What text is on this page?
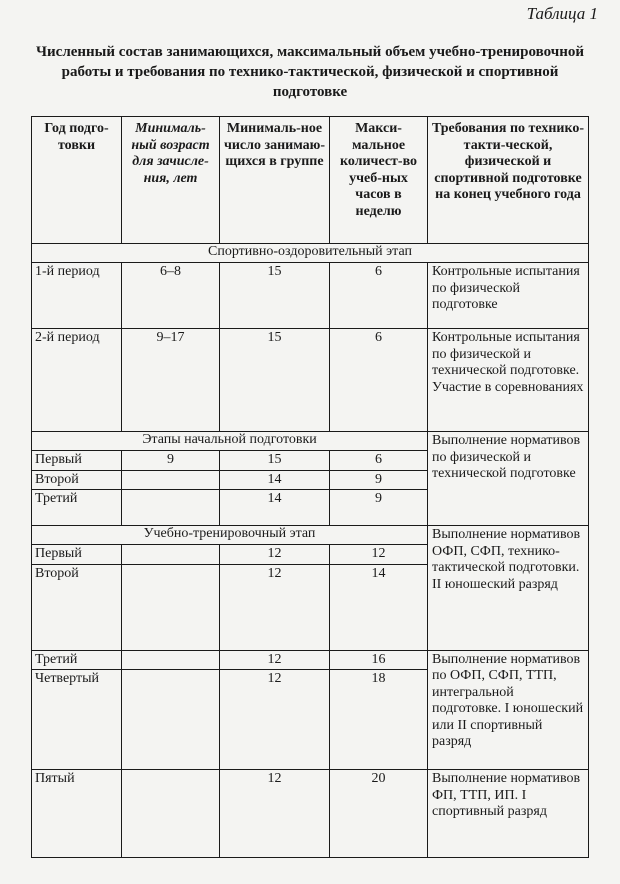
Таблица 1
Численный состав занимающихся, максимальный объем учебно-тренировочной работы и требования по технико-тактической, физической и спортивной подготовке
Год подго-товки	Минималь-ный возраст для зачисле-ния, лет	Минималь-ное число занимаю-щихся в группе	Макси-мальное количест-во учеб-ных часов в неделю	Требования по технико-такти-ческой, физической и спортивной подготовке на конец учебного года
Спортивно-оздоровительный этап				
1-й период	6–8	15	6	Контрольные испытания по физической подготовке
2-й период	9–17	15	6	Контрольные испытания по физической и технической подготовке. Участие в соревнованиях
Этапы начальной подготовки				Выполнение нормативов по физической и технической подготовке
Первый	9	15	6	
Второй		14	9	
Третий		14	9	
Учебно-тренировочный этап				Выполнение нормативов ОФП, СФП, технико-тактической подготовки. II юношеский разряд
Первый		12	12	
Второй		12	14	
Третий		12	16	Выполнение нормативов по ОФП, СФП, ТТП, интегральной подготовке. I юношеский или II спортивный разряд
Четвертый		12	18	
Пятый		12	20	Выполнение нормативов ФП, ТТП, ИП. I спортивный разряд
